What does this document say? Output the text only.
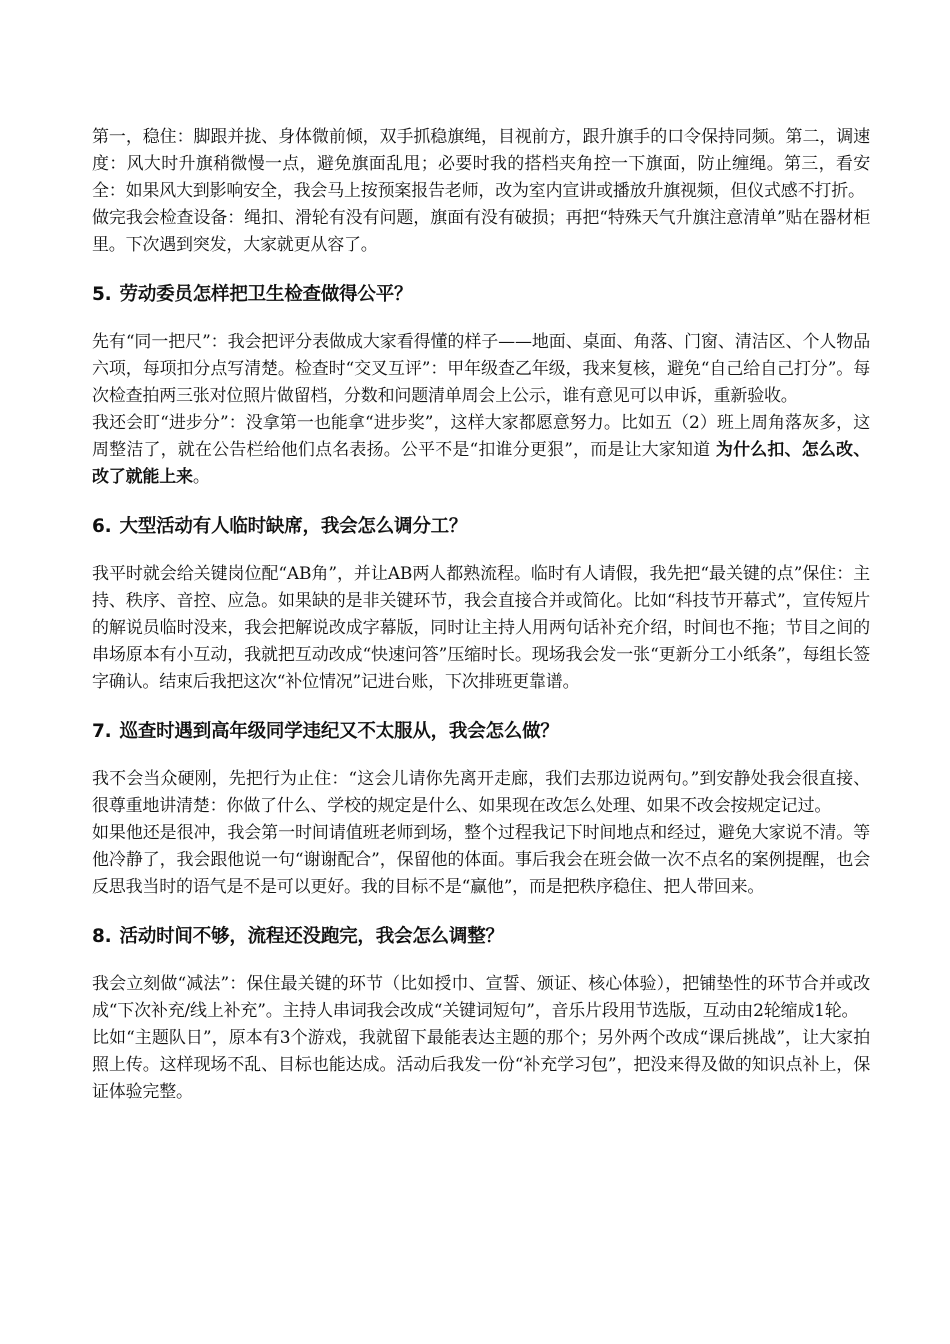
第一，稳住：脚跟并拢、身体微前倾，双手抓稳旗绳，目视前方，跟升旗手的口令保持同频。第二，调速度：风大时升旗稍微慢一点，避免旗面乱甩；必要时我的搭档夹角控一下旗面，防止缠绳。第三，看安全：如果风大到影响安全，我会马上按预案报告老师，改为室内宣讲或播放升旗视频，但仪式感不打折。

做完我会检查设备：绳扣、滑轮有没有问题，旗面有没有破损；再把“特殊天气升旗注意清单”贴在器材柜里。下次遇到突发，大家就更从容了。

5. 劳动委员怎样把卫生检查做得公平？

先有“同一把尺”：我会把评分表做成大家看得懂的样子——地面、桌面、角落、门窗、清洁区、个人物品六项，每项扣分点写清楚。检查时“交叉互评”：甲年级查乙年级，我来复核，避免“自己给自己打分”。每次检查拍两三张对位照片做留档，分数和问题清单周会上公示，谁有意见可以申诉，重新验收。

我还会盯“进步分”：没拿第一也能拿“进步奖”，这样大家都愿意努力。比如五（2）班上周角落灰多，这周整洁了，就在公告栏给他们点名表扬。公平不是“扣谁分更狠”，而是让大家知道 为什么扣、怎么改、改了就能上来。

6. 大型活动有人临时缺席，我会怎么调分工？

我平时就会给关键岗位配“AB角”，并让AB两人都熟流程。临时有人请假，我先把“最关键的点”保住：主持、秩序、音控、应急。如果缺的是非关键环节，我会直接合并或简化。比如“科技节开幕式”，宣传短片的解说员临时没来，我会把解说改成字幕版，同时让主持人用两句话补充介绍，时间也不拖；节目之间的串场原本有小互动，我就把互动改成“快速问答”压缩时长。现场我会发一张“更新分工小纸条”，每组长签字确认。结束后我把这次“补位情况”记进台账，下次排班更靠谱。

7. 巡查时遇到高年级同学违纪又不太服从，我会怎么做？

我不会当众硬刚，先把行为止住：“这会儿请你先离开走廊，我们去那边说两句。”到安静处我会很直接、很尊重地讲清楚：你做了什么、学校的规定是什么、如果现在改怎么处理、如果不改会按规定记过。

如果他还是很冲，我会第一时间请值班老师到场，整个过程我记下时间地点和经过，避免大家说不清。等他冷静了，我会跟他说一句“谢谢配合”，保留他的体面。事后我会在班会做一次不点名的案例提醒，也会反思我当时的语气是不是可以更好。我的目标不是“赢他”，而是把秩序稳住、把人带回来。

8. 活动时间不够，流程还没跑完，我会怎么调整？

我会立刻做“减法”：保住最关键的环节（比如授巾、宣誓、颁证、核心体验），把铺垫性的环节合并或改成“下次补充/线上补充”。主持人串词我会改成“关键词短句”，音乐片段用节选版，互动由2轮缩成1轮。

比如“主题队日”，原本有3个游戏，我就留下最能表达主题的那个；另外两个改成“课后挑战”，让大家拍照上传。这样现场不乱、目标也能达成。活动后我发一份“补充学习包”，把没来得及做的知识点补上，保证体验完整。
